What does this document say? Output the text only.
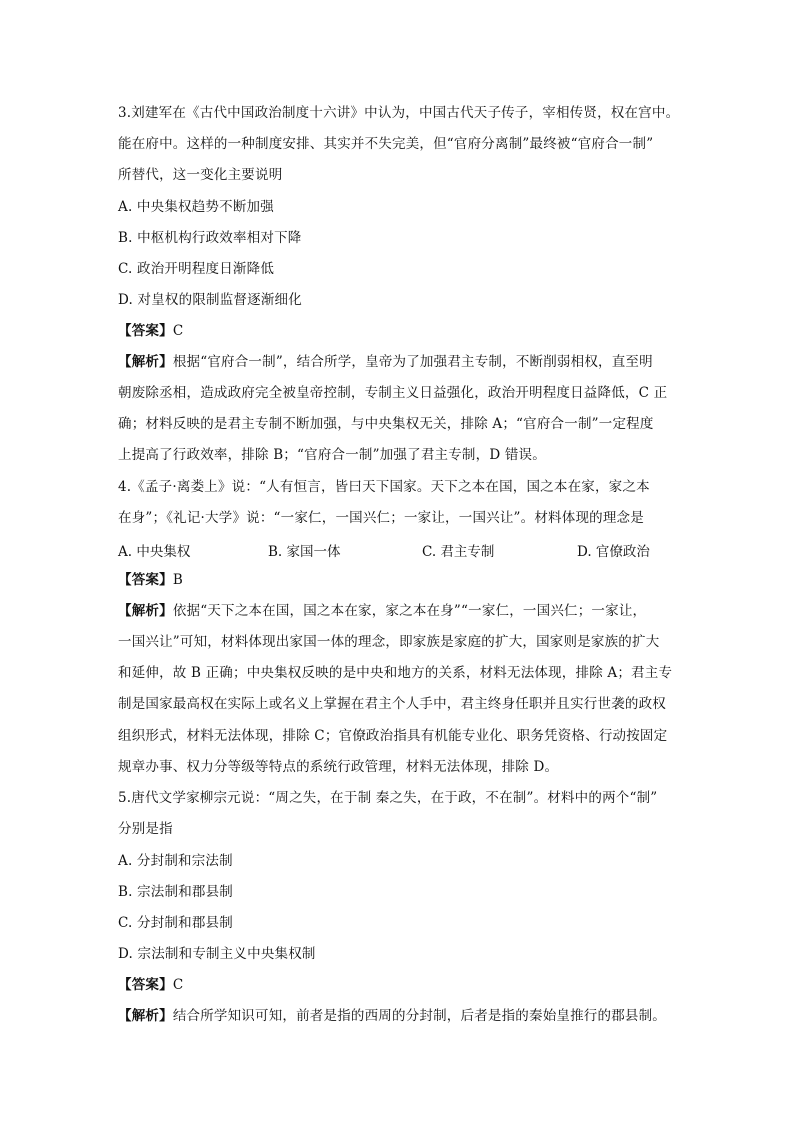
3.刘建军在《古代中国政治制度十六讲》中认为，中国古代天子传子，宰相传贤，权在宫中。
能在府中。这样的一种制度安排、其实并不失完美，但“官府分离制”最终被“官府合一制”
所替代，这一变化主要说明
A. 中央集权趋势不断加强
B. 中枢机构行政效率相对下降
C. 政治开明程度日渐降低
D. 对皇权的限制监督逐渐细化
【答案】C
【解析】根据“官府合一制”，结合所学，皇帝为了加强君主专制，不断削弱相权，直至明
朝废除丞相，造成政府完全被皇帝控制，专制主义日益强化，政治开明程度日益降低，C 正
确；材料反映的是君主专制不断加强，与中央集权无关，排除 A；“官府合一制”一定程度
上提高了行政效率，排除 B；“官府合一制”加强了君主专制，D 错误。
4.《孟子·离娄上》说：“人有恒言，皆曰天下国家。天下之本在国，国之本在家，家之本
在身”；《礼记·大学》说：“一家仁，一国兴仁；一家让，一国兴让”。材料体现的理念是
A. 中央集权	B. 家国一体	C. 君主专制	D. 官僚政治
【答案】B
【解析】依据“天下之本在国，国之本在家，家之本在身”“一家仁，一国兴仁；一家让，
一国兴让”可知，材料体现出家国一体的理念，即家族是家庭的扩大，国家则是家族的扩大
和延伸，故 B 正确；中央集权反映的是中央和地方的关系，材料无法体现，排除 A；君主专
制是国家最高权在实际上或名义上掌握在君主个人手中，君主终身任职并且实行世袭的政权
组织形式，材料无法体现，排除 C；官僚政治指具有机能专业化、职务凭资格、行动按固定
规章办事、权力分等级等特点的系统行政管理，材料无法体现，排除 D。
5.唐代文学家柳宗元说：“周之失，在于制 秦之失，在于政，不在制”。材料中的两个“制”
分别是指
A. 分封制和宗法制
B. 宗法制和郡县制
C. 分封制和郡县制
D. 宗法制和专制主义中央集权制
【答案】C
【解析】结合所学知识可知，前者是指的西周的分封制，后者是指的秦始皇推行的郡县制。
